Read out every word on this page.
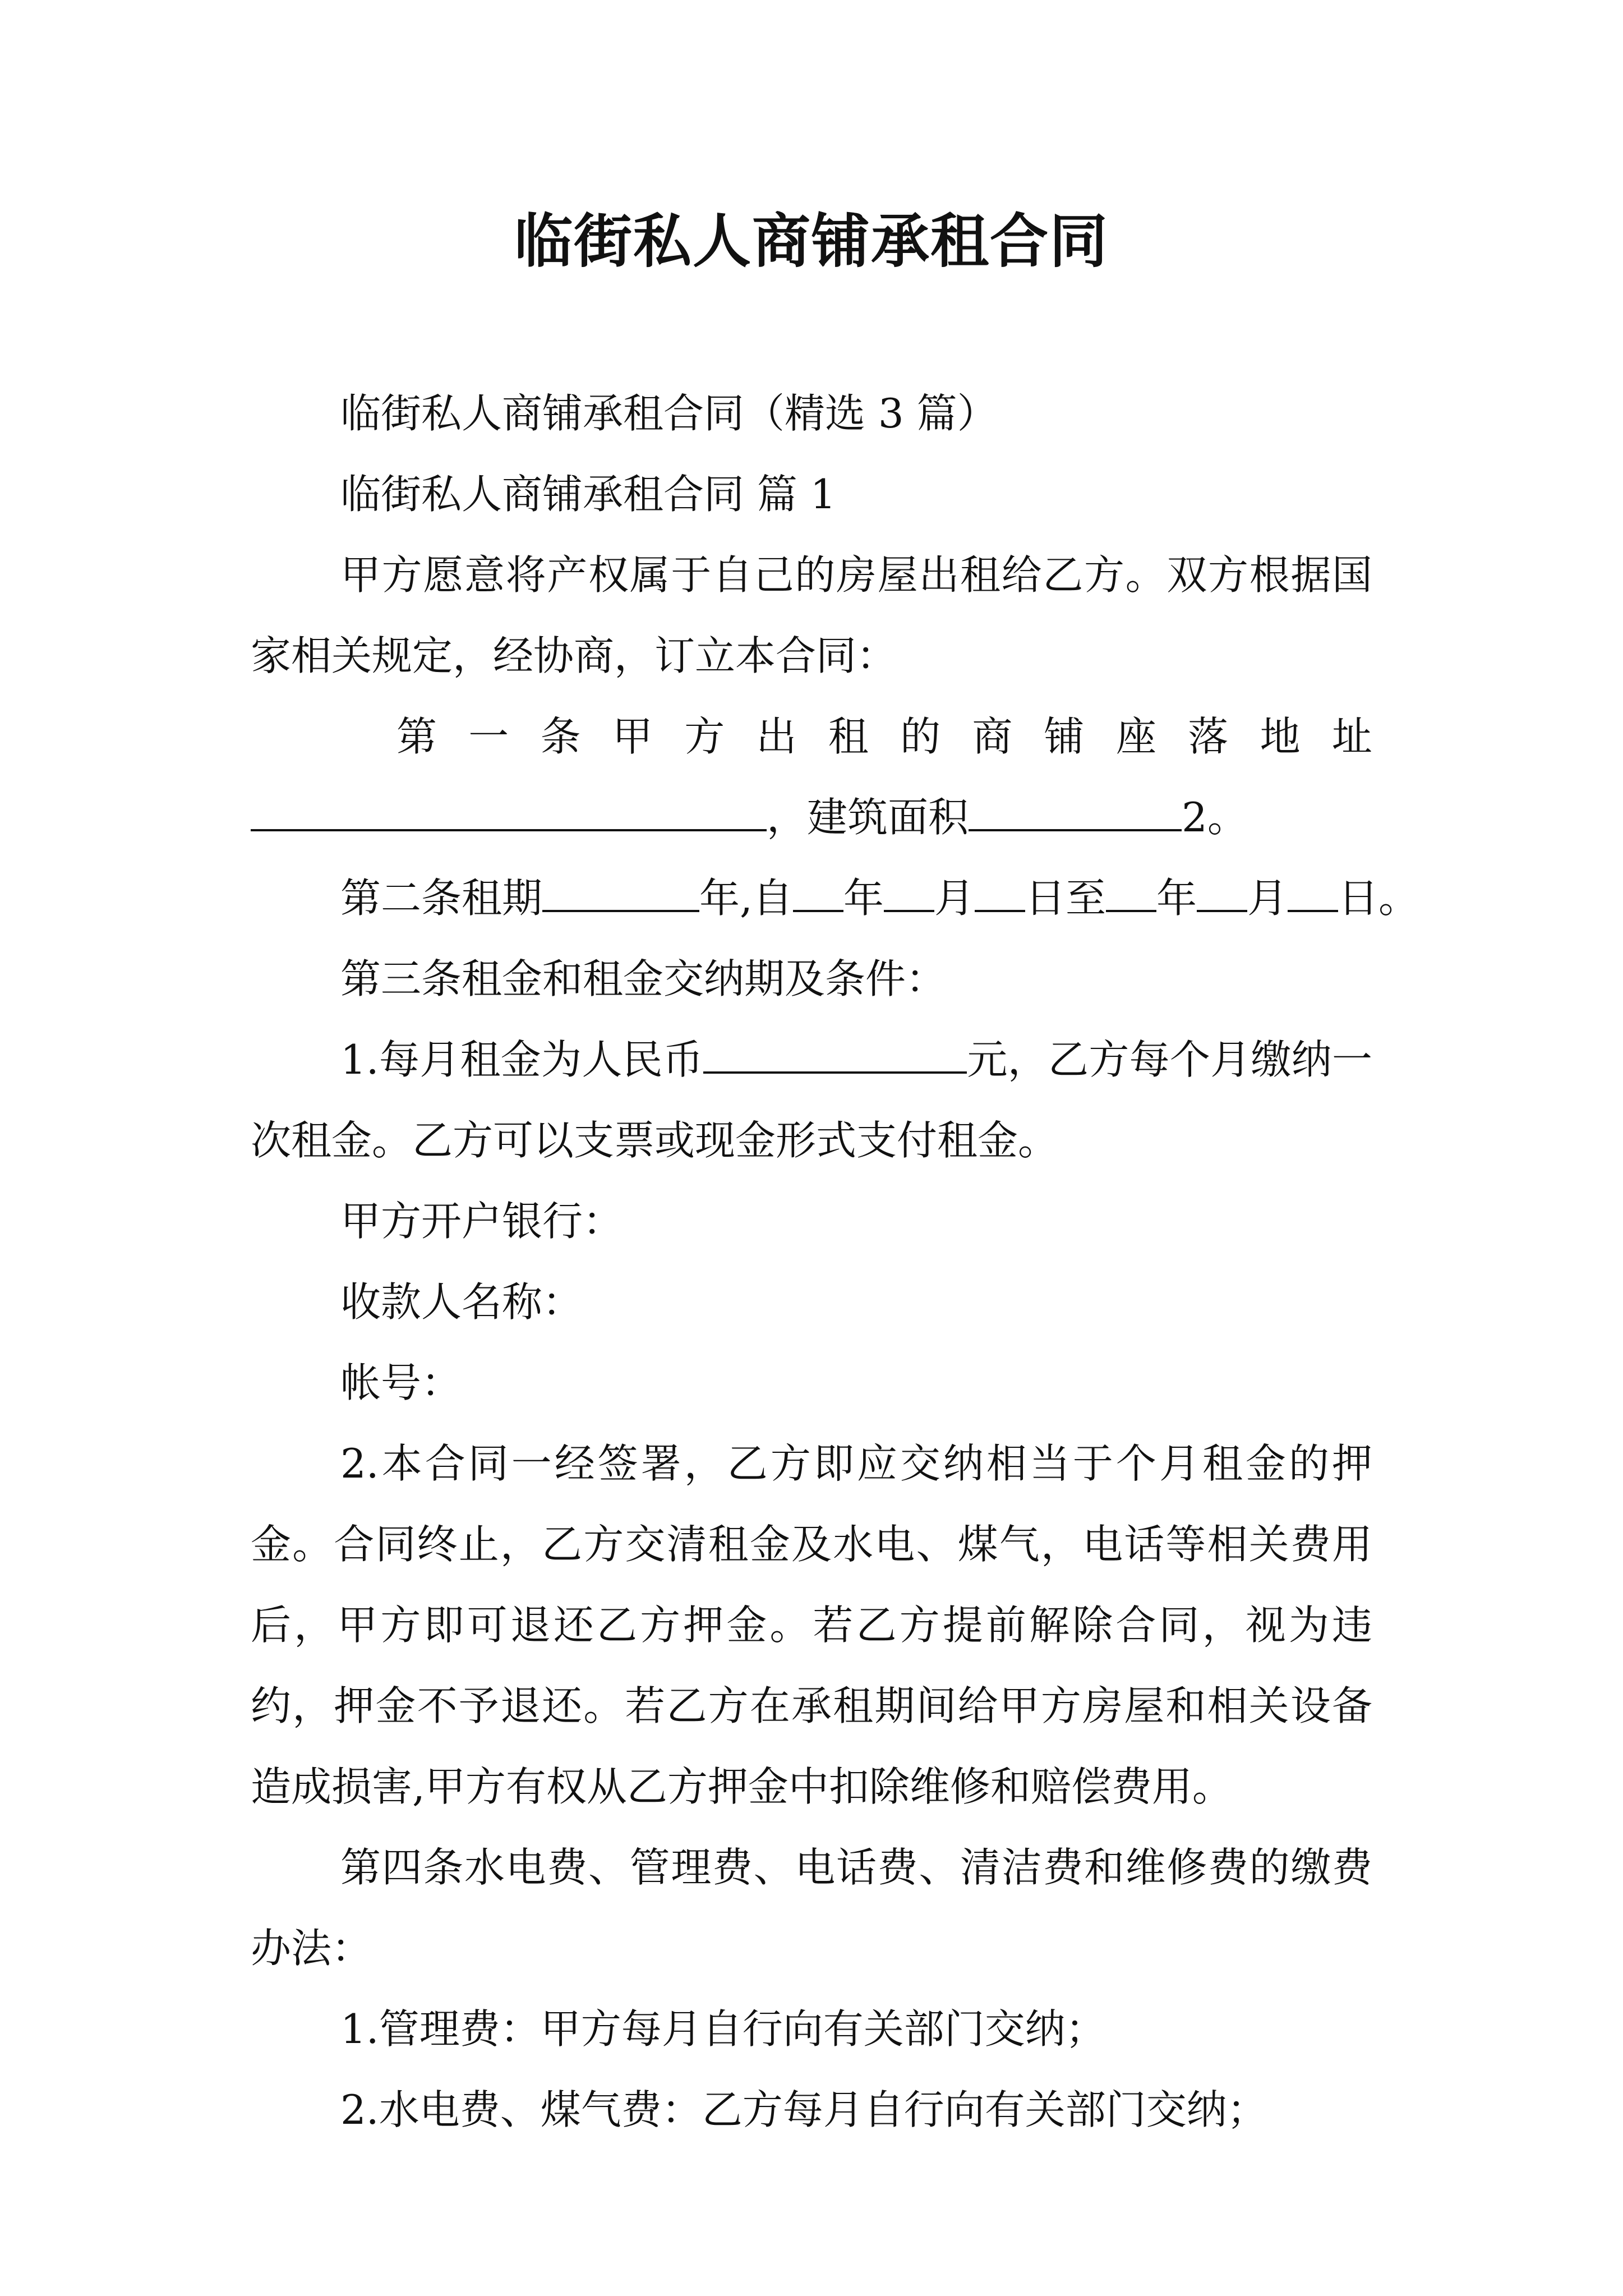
临街私人商铺承租合同

临街私人商铺承租合同（精选 3 篇）

临街私人商铺承租合同 篇 1

甲方愿意将产权属于自己的房屋出租给乙方。双方根据国家相关规定，经协商，订立本合同：

第 一 条 甲 方 出 租 的 商 铺 座 落 地 址

，建筑面积	2。

第二条租期	年,自 年 月 日至 年 月 日。

第三条租金和租金交纳期及条件：

1.每月租金为人民币	元，乙方每个月缴纳一次租金。乙方可以支票或现金形式支付租金。

甲方开户银行：

收款人名称：

帐号：

2.本合同一经签署，乙方即应交纳相当于个月租金的押金。合同终止，乙方交清租金及水电、煤气，电话等相关费用后，甲方即可退还乙方押金。若乙方提前解除合同，视为违约，押金不予退还。若乙方在承租期间给甲方房屋和相关设备造成损害,甲方有权从乙方押金中扣除维修和赔偿费用。

第四条水电费、管理费、电话费、清洁费和维修费的缴费办法：

1.管理费：甲方每月自行向有关部门交纳；

2.水电费、煤气费：乙方每月自行向有关部门交纳；
